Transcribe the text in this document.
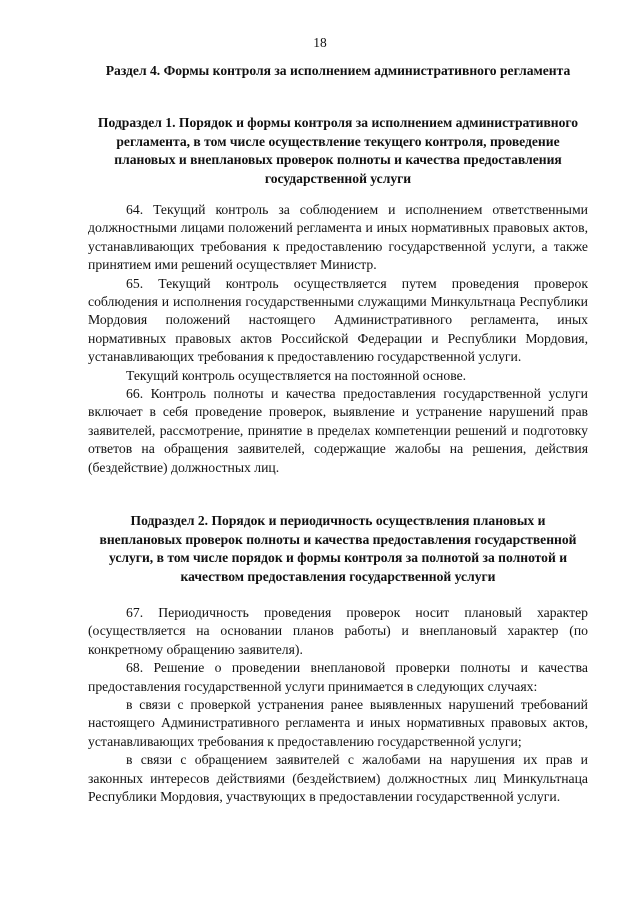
18
Раздел 4. Формы контроля за исполнением административного регламента
Подраздел 1. Порядок и формы контроля за исполнением административного регламента, в том числе осуществление текущего контроля, проведение плановых и внеплановых проверок полноты и качества предоставления государственной услуги

64. Текущий контроль за соблюдением и исполнением ответственными должностными лицами положений регламента и иных нормативных правовых актов, устанавливающих требования к предоставлению государственной услуги, а также принятием ими решений осуществляет Министр.

65. Текущий контроль осуществляется путем проведения проверок соблюдения и исполнения государственными служащими Минкультнаца Республики Мордовия положений настоящего Административного регламента, иных нормативных правовых актов Российской Федерации и Республики Мордовия, устанавливающих требования к предоставлению государственной услуги.

Текущий контроль осуществляется на постоянной основе.

66. Контроль полноты и качества предоставления государственной услуги включает в себя проведение проверок, выявление и устранение нарушений прав заявителей, рассмотрение, принятие в пределах компетенции решений и подготовку ответов на обращения заявителей, содержащие жалобы на решения, действия (бездействие) должностных лиц.

Подраздел 2. Порядок и периодичность осуществления плановых и внеплановых проверок полноты и качества предоставления государственной услуги, в том числе порядок и формы контроля за полнотой за полнотой и качеством предоставления государственной услуги

67. Периодичность проведения проверок носит плановый характер (осуществляется на основании планов работы) и внеплановый характер (по конкретному обращению заявителя).

68. Решение о проведении внеплановой проверки полноты и качества предоставления государственной услуги принимается в следующих случаях:

в связи с проверкой устранения ранее выявленных нарушений требований настоящего Административного регламента и иных нормативных правовых актов, устанавливающих требования к предоставлению государственной услуги;

в связи с обращением заявителей с жалобами на нарушения их прав и законных интересов действиями (бездействием) должностных лиц Минкультнаца Республики Мордовия, участвующих в предоставлении государственной услуги.
